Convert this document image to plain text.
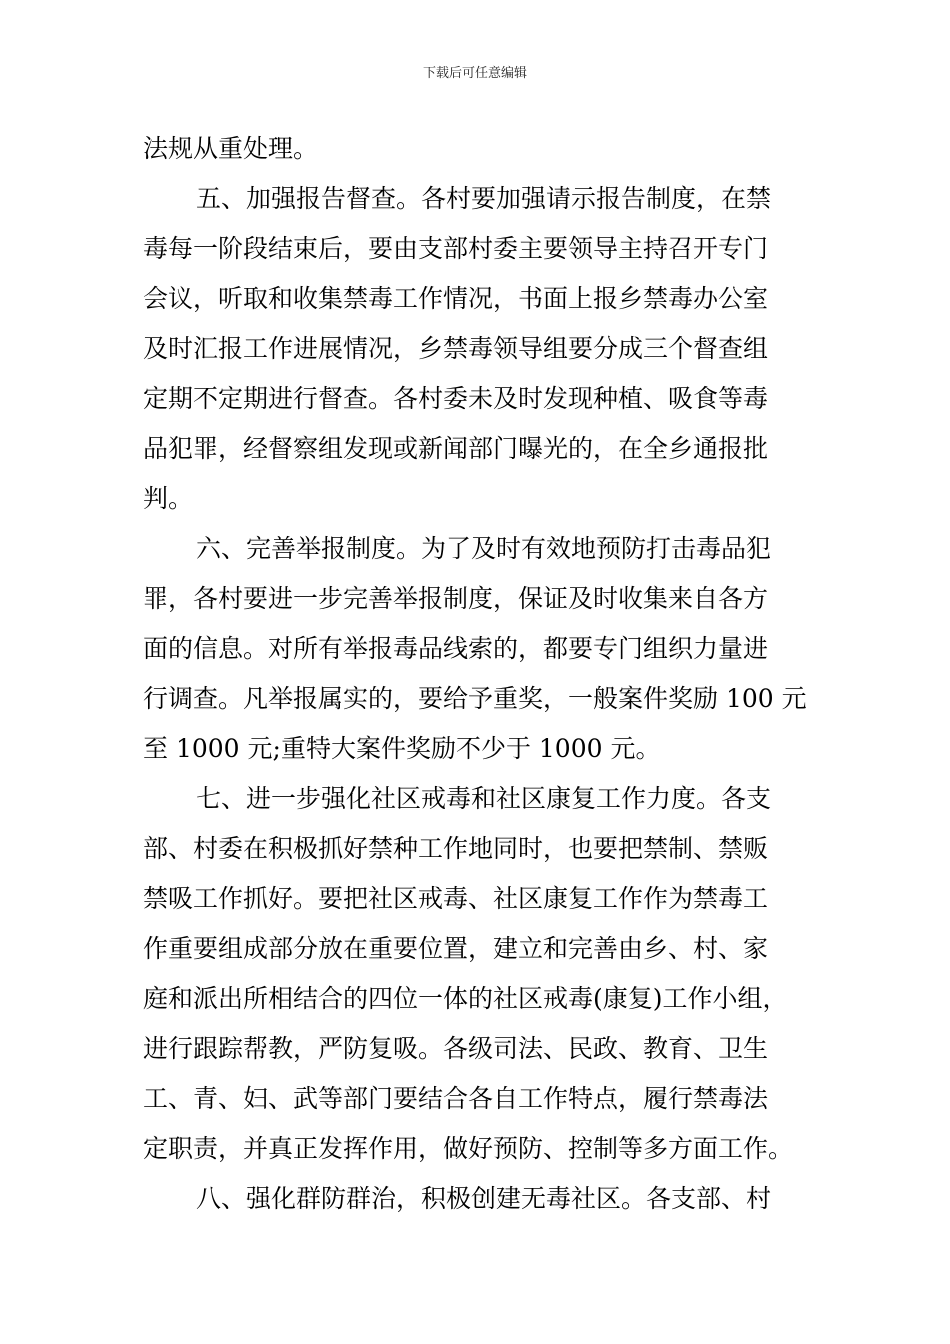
下载后可任意编辑
法规从重处理。
五、加强报告督查。各村要加强请示报告制度，在禁
毒每一阶段结束后，要由支部村委主要领导主持召开专门
会议，听取和收集禁毒工作情况，书面上报乡禁毒办公室
及时汇报工作进展情况，乡禁毒领导组要分成三个督查组
定期不定期进行督查。各村委未及时发现种植、吸食等毒
品犯罪，经督察组发现或新闻部门曝光的，在全乡通报批
判。
六、完善举报制度。为了及时有效地预防打击毒品犯
罪，各村要进一步完善举报制度，保证及时收集来自各方
面的信息。对所有举报毒品线索的，都要专门组织力量进
行调查。凡举报属实的，要给予重奖，一般案件奖励 100 元
至 1000 元;重特大案件奖励不少于 1000 元。
七、进一步强化社区戒毒和社区康复工作力度。各支
部、村委在积极抓好禁种工作地同时，也要把禁制、禁贩
禁吸工作抓好。要把社区戒毒、社区康复工作作为禁毒工
作重要组成部分放在重要位置，建立和完善由乡、村、家
庭和派出所相结合的四位一体的社区戒毒(康复)工作小组，
进行跟踪帮教，严防复吸。各级司法、民政、教育、卫生
工、青、妇、武等部门要结合各自工作特点，履行禁毒法
定职责，并真正发挥作用，做好预防、控制等多方面工作。
八、强化群防群治，积极创建无毒社区。各支部、村
